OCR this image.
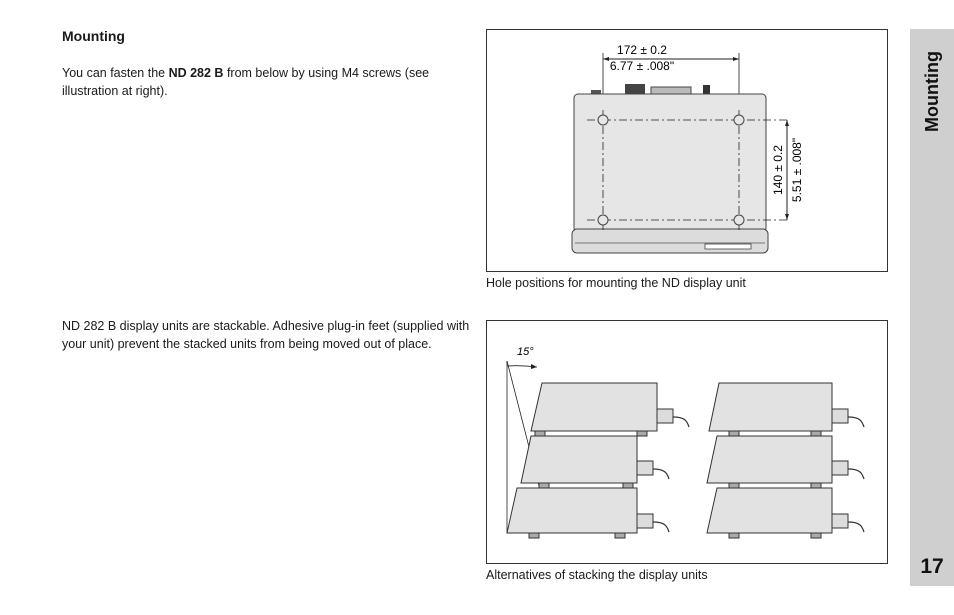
Mounting
You can fasten the ND 282 B from below by using M4 screws (see illustration at right).
ND 282 B display units are stackable. Adhesive plug-in feet (supplied with your unit) prevent the stacked units from being moved out of place.
172 ± 0.2
6.77 ± .008"
140 ± 0.2 5.51 ± .008"
Hole positions for mounting the ND display unit
15°
Alternatives of stacking the display units
Mounting
17
